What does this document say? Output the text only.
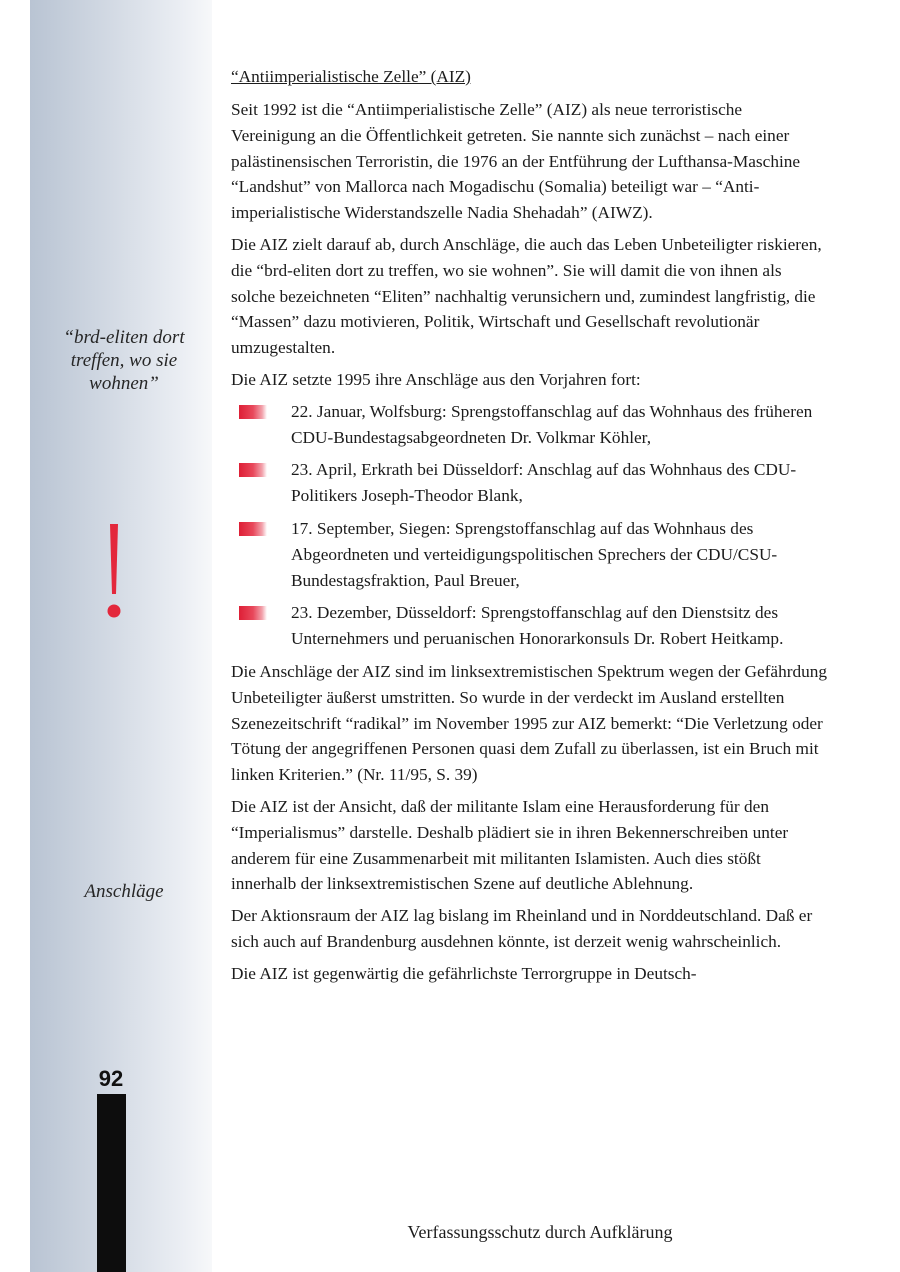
“brd-eliten dort treffen, wo sie wohnen”
Anschläge
92
“Antiimperialistische Zelle” (AIZ)

Seit 1992 ist die “Antiimperialistische Zelle” (AIZ) als neue terroristische Vereinigung an die Öffentlichkeit getreten. Sie nannte sich zunächst – nach einer palästinensischen Terroristin, die 1976 an der Entführung der Lufthansa-Maschine “Landshut” von Mallorca nach Mogadischu (Somalia) beteiligt war – “Anti-imperialistische Widerstandszelle Nadia Shehadah” (AIWZ).

Die AIZ zielt darauf ab, durch Anschläge, die auch das Leben Unbeteiligter riskieren, die “brd-eliten dort zu treffen, wo sie wohnen”. Sie will damit die von ihnen als solche bezeichneten “Eliten” nachhaltig verunsichern und, zumindest langfristig, die “Massen” dazu motivieren, Politik, Wirtschaft und Gesellschaft revolutionär umzugestalten.

Die AIZ setzte 1995 ihre Anschläge aus den Vorjahren fort:

22. Januar, Wolfsburg: Sprengstoffanschlag auf das Wohnhaus des früheren CDU-Bundestagsabgeordneten Dr. Volkmar Köhler,
23. April, Erkrath bei Düsseldorf: Anschlag auf das Wohnhaus des CDU-Politikers Joseph-Theodor Blank,
17. September, Siegen: Sprengstoffanschlag auf das Wohnhaus des Abgeordneten und verteidigungspolitischen Sprechers der CDU/CSU-Bundestagsfraktion, Paul Breuer,
23. Dezember, Düsseldorf: Sprengstoffanschlag auf den Dienstsitz des Unternehmers und peruanischen Honorarkonsuls Dr. Robert Heitkamp.

Die Anschläge der AIZ sind im linksextremistischen Spektrum wegen der Gefährdung Unbeteiligter äußerst umstritten. So wurde in der verdeckt im Ausland erstellten Szenezeitschrift “radikal” im November 1995 zur AIZ bemerkt: “Die Verletzung oder Tötung der angegriffenen Personen quasi dem Zufall zu überlassen, ist ein Bruch mit linken Kriterien.” (Nr. 11/95, S. 39)

Die AIZ ist der Ansicht, daß der militante Islam eine Herausforderung für den “Imperialismus” darstelle. Deshalb plädiert sie in ihren Bekennerschreiben unter anderem für eine Zusammenarbeit mit militanten Islamisten. Auch dies stößt innerhalb der linksextremistischen Szene auf deutliche Ablehnung.

Der Aktionsraum der AIZ lag bislang im Rheinland und in Norddeutschland. Daß er sich auch auf Brandenburg ausdehnen könnte, ist derzeit wenig wahrscheinlich.

Die AIZ ist gegenwärtig die gefährlichste Terrorgruppe in Deutsch-

Verfassungsschutz durch Aufklärung
